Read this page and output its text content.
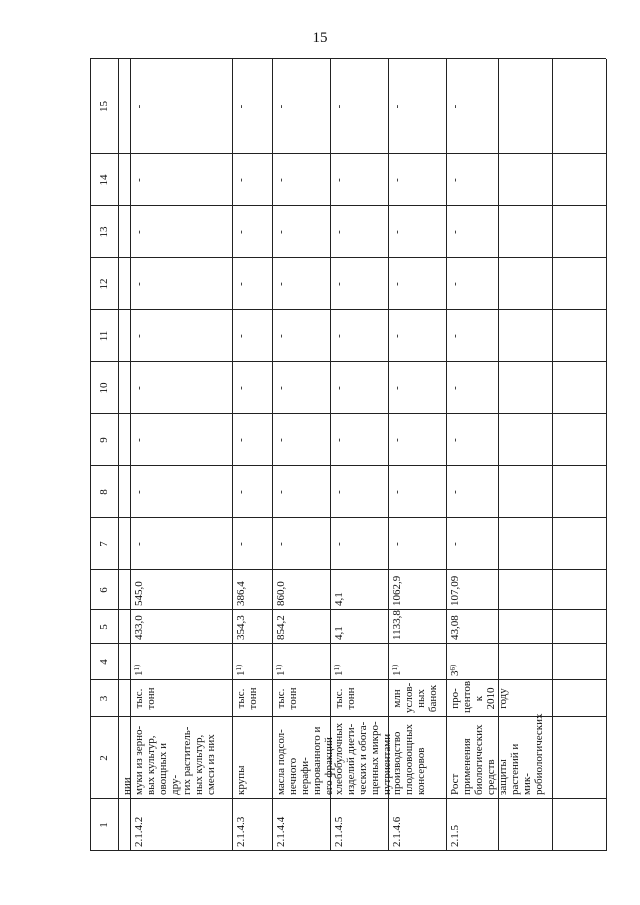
15
1
2
3
4
5
6
7
8
9
10
11
12
13
14
15
нии
2.1.4.2
муки из зерно-
вых культур,
овощных и дру-
гих раститель-
ных культур,
смеси из них
тыс.
тонн
1$^{1)}$
433,0
545,0
-
-
-
-
-
-
-
-
-
2.1.4.3
крупы
тыс.
тонн
1$^{1)}$
354,3
386,4
-
-
-
-
-
-
-
-
-
2.1.4.4
масла подсол-
нечного нерафи-
нированного и
его фракций
тыс.
тонн
1$^{1)}$
854,2
860,0
-
-
-
-
-
-
-
-
-
2.1.4.5
хлебобулочных
изделий диети-
ческих и обога-
щенных микро-
нутриентами
тыс.
тонн
1$^{1)}$
4,1
4,1
-
-
-
-
-
-
-
-
-
2.1.4.6
производство
плодоовощных
консервов
млн
услов-
ных
банок
1$^{1)}$
1133,8
1062,9
-
-
-
-
-
-
-
-
-
2.1.5
Рост применения
биологических
средств защиты
растений и мик-
робиологических
про-
центов
к 2010
году
3$^{6)}$
43,08
107,09
-
-
-
-
-
-
-
-
-
